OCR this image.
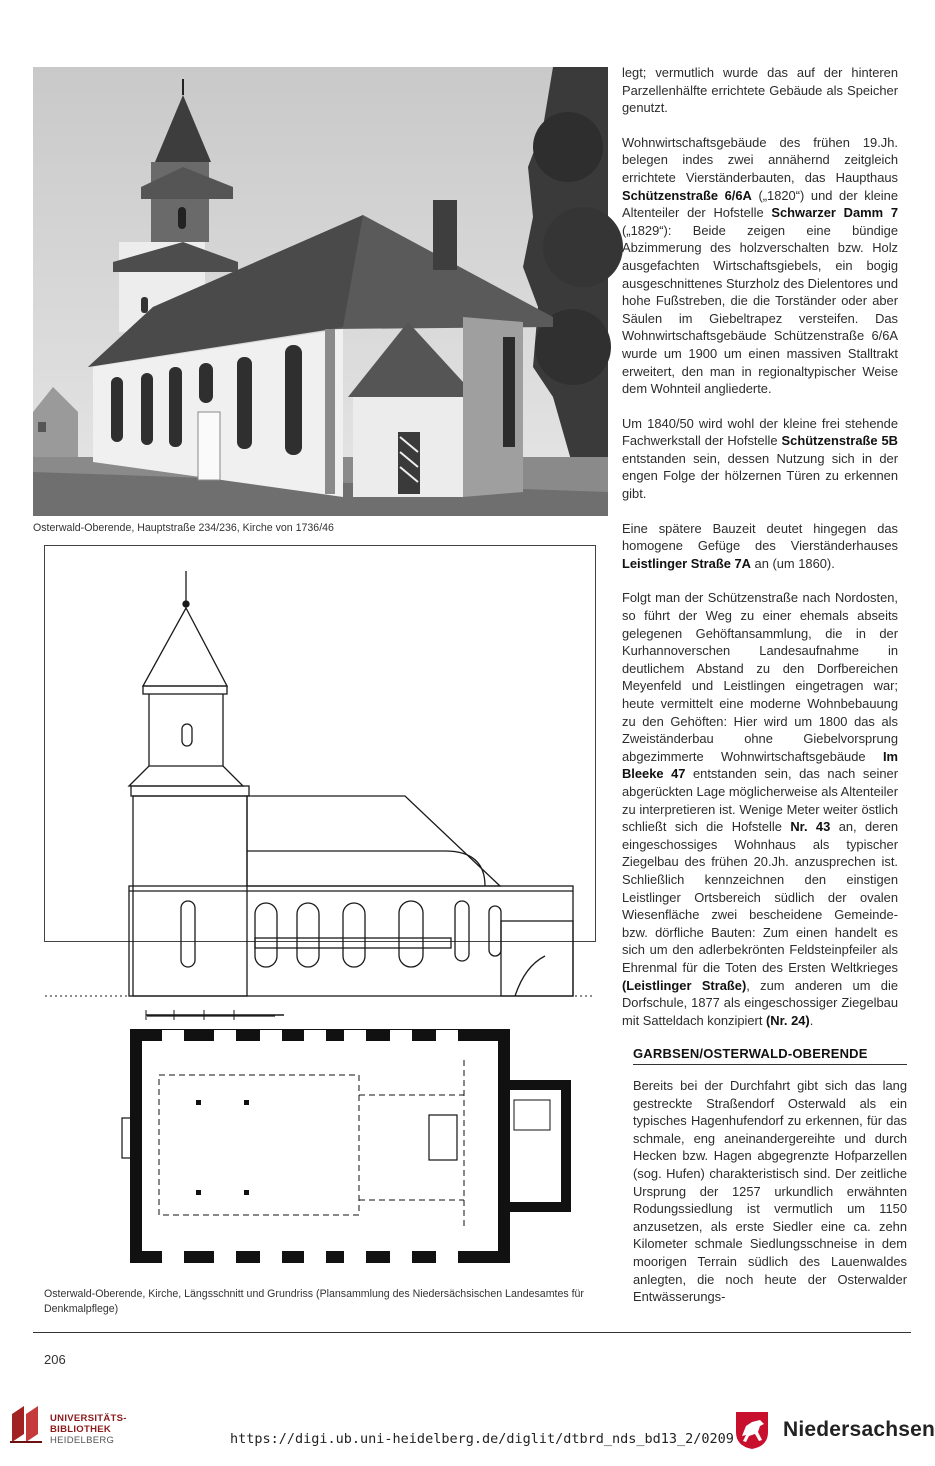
Osterwald-Oberende, Hauptstraße 234/236, Kirche von 1736/46
Osterwald-Oberende, Kirche, Längsschnitt und Grundriss (Plansammlung des Niedersächsischen Landesamtes für Denkmalpflege)

legt; vermutlich wurde das auf der hinteren Parzellenhälfte errichtete Gebäude als Speicher genutzt.

Wohnwirtschaftsgebäude des frühen 19.Jh. belegen indes zwei annähernd zeitgleich errichtete Vierständerbauten, das Haupthaus Schützenstraße 6/6A („1820“) und der kleine Altenteiler der Hofstelle Schwarzer Damm 7 („1829“): Beide zeigen eine bündige Abzimmerung des holzverschalten bzw. Holz ausgefachten Wirtschaftsgiebels, ein bogig ausgeschnittenes Sturzholz des Dielentores und hohe Fußstreben, die die Torständer oder aber Säulen im Giebeltrapez versteifen. Das Wohnwirtschaftsgebäude Schützenstraße 6/6A wurde um 1900 um einen massiven Stalltrakt erweitert, den man in regionaltypischer Weise dem Wohnteil angliederte.

Um 1840/50 wird wohl der kleine frei stehende Fachwerkstall der Hofstelle Schützenstraße 5B entstanden sein, dessen Nutzung sich in der engen Folge der hölzernen Türen zu erkennen gibt.

Eine spätere Bauzeit deutet hingegen das homogene Gefüge des Vierständerhauses Leistlinger Straße 7A an (um 1860).

Folgt man der Schützenstraße nach Nordosten, so führt der Weg zu einer ehemals abseits gelegenen Gehöftansammlung, die in der Kurhannoverschen Landesaufnahme in deutlichem Abstand zu den Dorfbereichen Meyenfeld und Leistlingen eingetragen war; heute vermittelt eine moderne Wohnbebauung zu den Gehöften: Hier wird um 1800 das als Zweiständerbau ohne Giebelvorsprung abgezimmerte Wohnwirtschaftsgebäude Im Bleeke 47 entstanden sein, das nach seiner abgerückten Lage möglicherweise als Altenteiler zu interpretieren ist. Wenige Meter weiter östlich schließt sich die Hofstelle Nr. 43 an, deren eingeschossiges Wohnhaus als typischer Ziegelbau des frühen 20.Jh. anzusprechen ist. Schließlich kennzeichnen den einstigen Leistlinger Ortsbereich südlich der ovalen Wiesenfläche zwei bescheidene Gemeinde- bzw. dörfliche Bauten: Zum einen handelt es sich um den adlerbekrönten Feldsteinpfeiler als Ehrenmal für die Toten des Ersten Weltkrieges (Leistlinger Straße), zum anderen um die Dorfschule, 1877 als eingeschossiger Ziegelbau mit Satteldach konzipiert (Nr. 24).

GARBSEN/OSTERWALD-OBERENDE

Bereits bei der Durchfahrt gibt sich das lang gestreckte Straßendorf Osterwald als ein typisches Hagenhufendorf zu erkennen, für das schmale, eng aneinandergereihte und durch Hecken bzw. Hagen abgegrenzte Hofparzellen (sog. Hufen) charakteristisch sind. Der zeitliche Ursprung der 1257 urkundlich erwähnten Rodungssiedlung ist vermutlich um 1150 anzusetzen, als erste Siedler eine ca. zehn Kilometer schmale Siedlungsschneise in dem moorigen Terrain südlich des Lauenwaldes anlegten, die noch heute der Osterwalder Entwässerungs-

206
UNIVERSITÄTS-
BIBLIOTHEK
HEIDELBERG	https://digi.ub.uni-heidelberg.de/diglit/dtbrd_nds_bd13_2/0209 Niedersachsen
